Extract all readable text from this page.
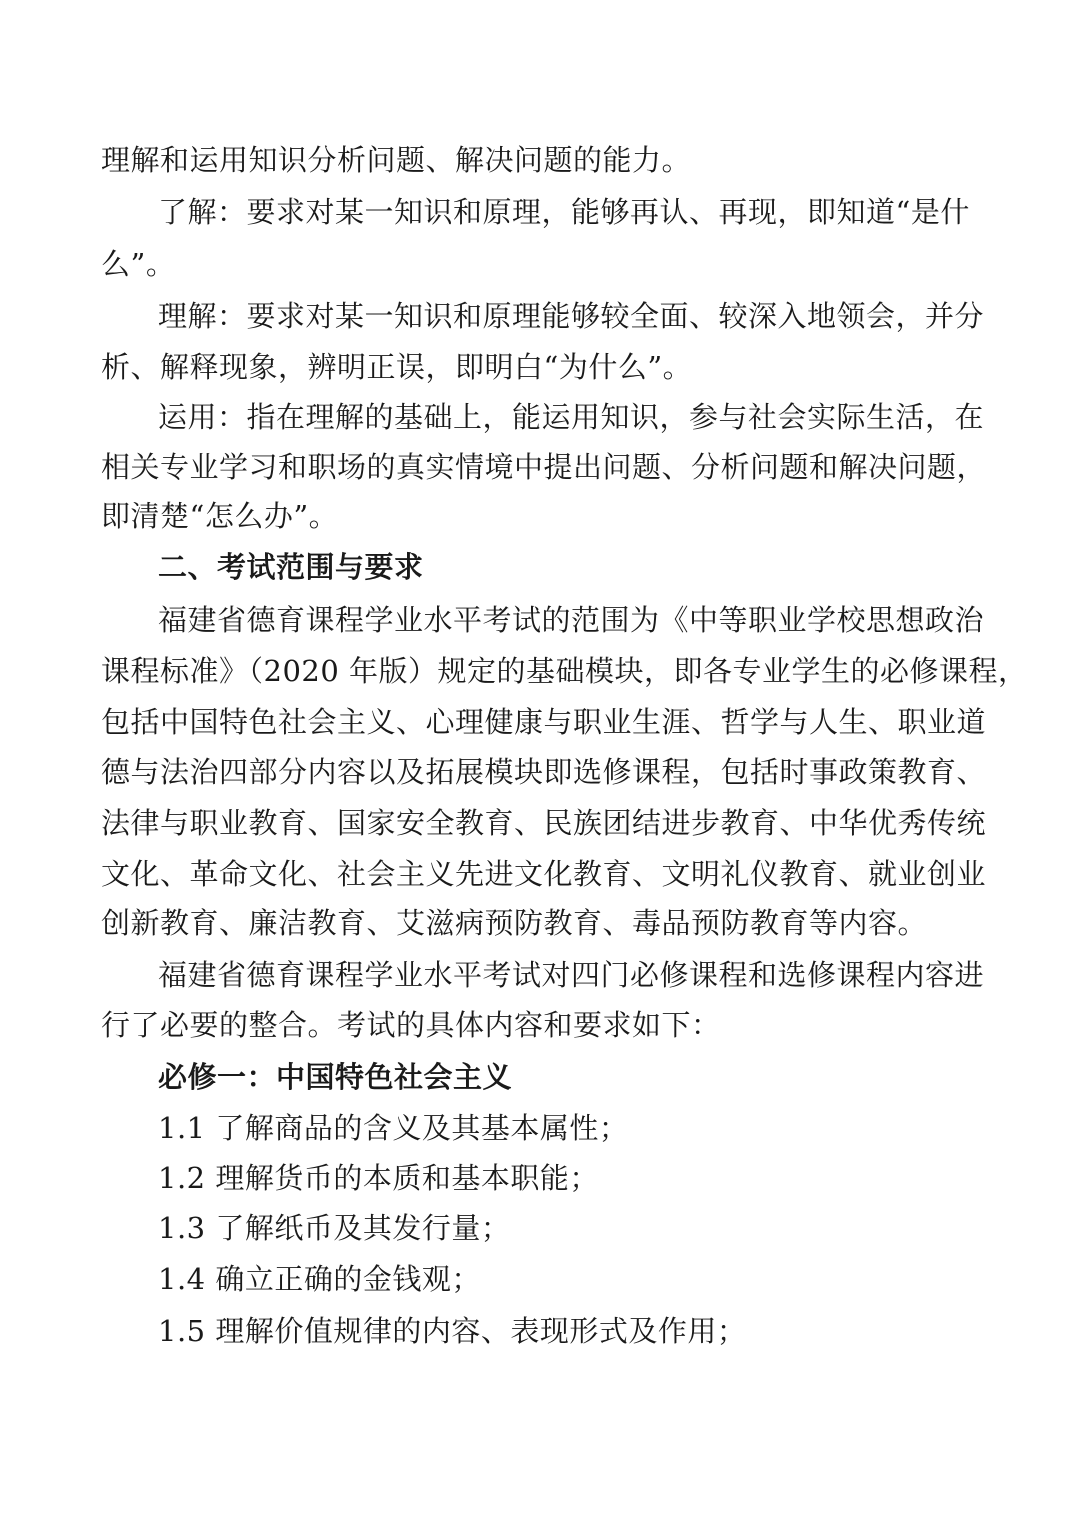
理解和运用知识分析问题、解决问题的能力。
了解：要求对某一知识和原理，能够再认、再现，即知道“是什
么”。
理解：要求对某一知识和原理能够较全面、较深入地领会，并分
析、解释现象，辨明正误，即明白“为什么”。
运用：指在理解的基础上，能运用知识，参与社会实际生活，在
相关专业学习和职场的真实情境中提出问题、分析问题和解决问题，
即清楚“怎么办”。
二、考试范围与要求
福建省德育课程学业水平考试的范围为《中等职业学校思想政治
课程标准》（2020 年版）规定的基础模块，即各专业学生的必修课程，
包括中国特色社会主义、心理健康与职业生涯、哲学与人生、职业道
德与法治四部分内容以及拓展模块即选修课程，包括时事政策教育、
法律与职业教育、国家安全教育、民族团结进步教育、中华优秀传统
文化、革命文化、社会主义先进文化教育、文明礼仪教育、就业创业
创新教育、廉洁教育、艾滋病预防教育、毒品预防教育等内容。
福建省德育课程学业水平考试对四门必修课程和选修课程内容进
行了必要的整合。考试的具体内容和要求如下：
必修一：中国特色社会主义
1.1 了解商品的含义及其基本属性；
1.2 理解货币的本质和基本职能；
1.3 了解纸币及其发行量；
1.4 确立正确的金钱观；
1.5 理解价值规律的内容、表现形式及作用；
